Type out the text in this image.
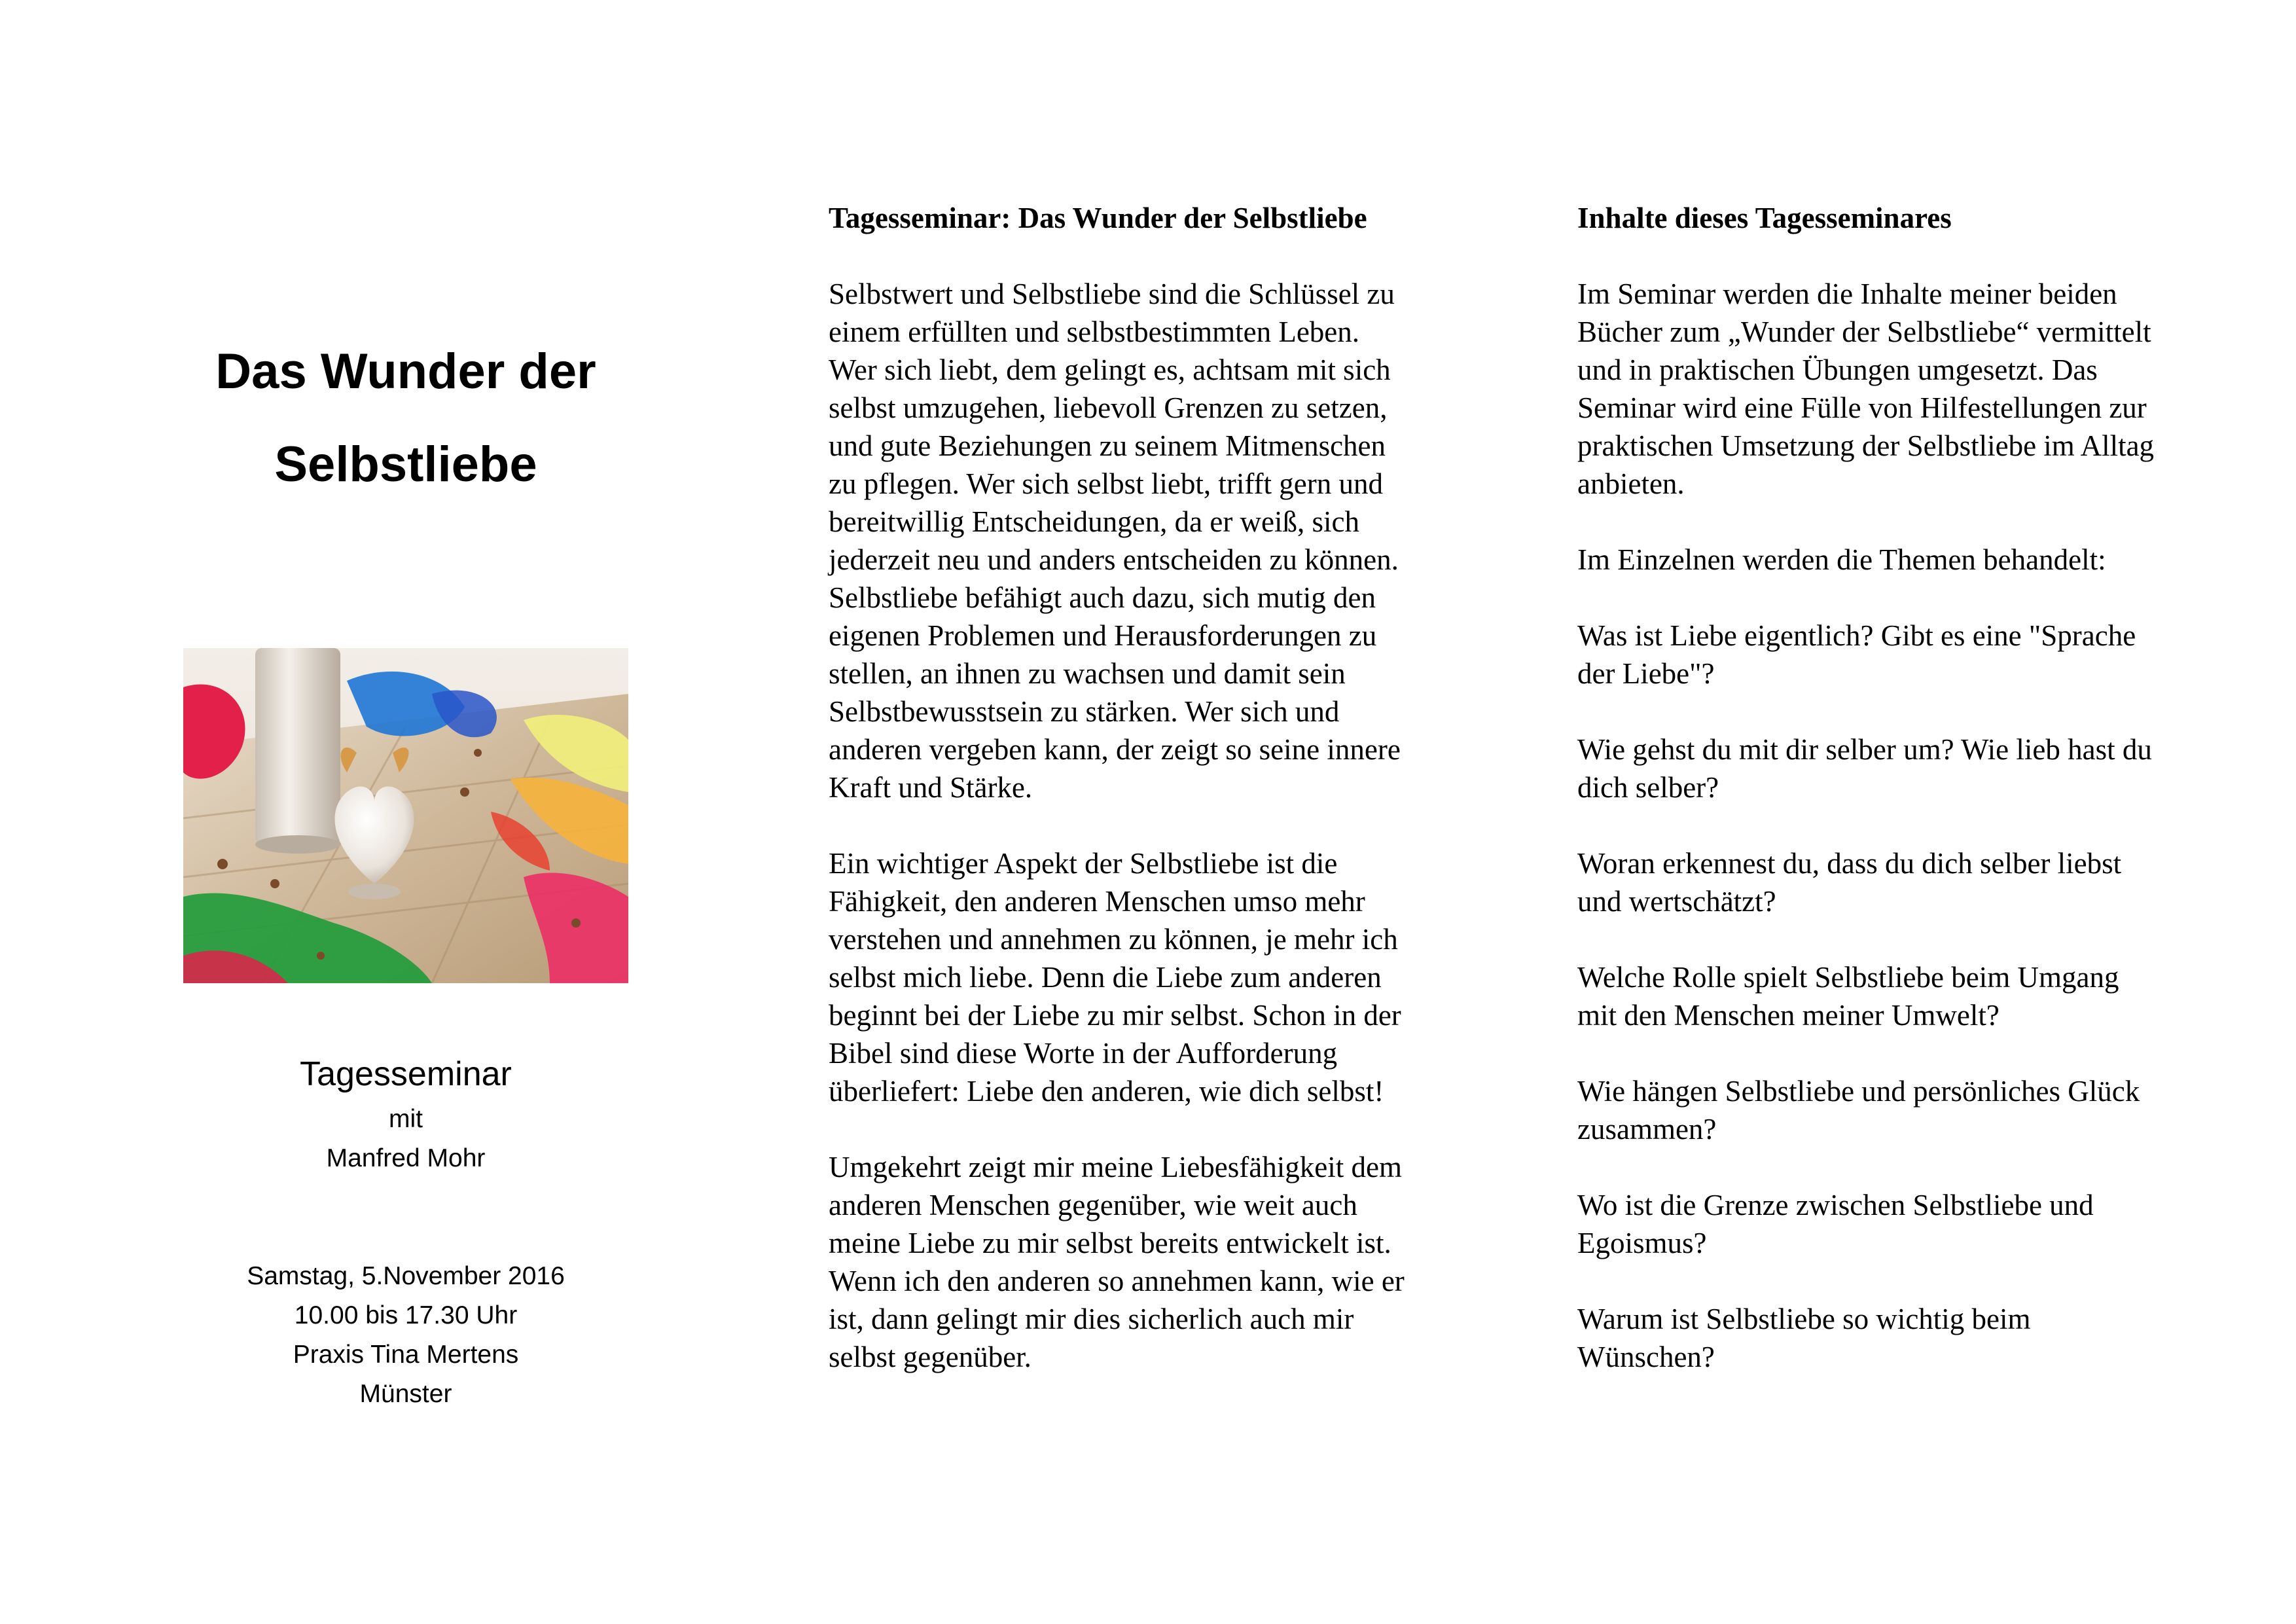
Das Wunder der
Selbstliebe
Tagesseminar
mit
Manfred Mohr
Samstag, 5.November 2016
10.00 bis 17.30 Uhr
Praxis Tina Mertens
Münster
Tagesseminar: Das Wunder der Selbstliebe
Selbstwert und Selbstliebe sind die Schlüssel zu
einem erfüllten und selbstbestimmten Leben.
Wer sich liebt, dem gelingt es, achtsam mit sich
selbst umzugehen, liebevoll Grenzen zu setzen,
und gute Beziehungen zu seinem Mitmenschen
zu pflegen. Wer sich selbst liebt, trifft gern und
bereitwillig Entscheidungen, da er weiß, sich
jederzeit neu und anders entscheiden zu können.
Selbstliebe befähigt auch dazu, sich mutig den
eigenen Problemen und Herausforderungen zu
stellen, an ihnen zu wachsen und damit sein
Selbstbewusstsein zu stärken. Wer sich und
anderen vergeben kann, der zeigt so seine innere
Kraft und Stärke.
Ein wichtiger Aspekt der Selbstliebe ist die
Fähigkeit, den anderen Menschen umso mehr
verstehen und annehmen zu können, je mehr ich
selbst mich liebe. Denn die Liebe zum anderen
beginnt bei der Liebe zu mir selbst. Schon in der
Bibel sind diese Worte in der Aufforderung
überliefert: Liebe den anderen, wie dich selbst!
Umgekehrt zeigt mir meine Liebesfähigkeit dem
anderen Menschen gegenüber, wie weit auch
meine Liebe zu mir selbst bereits entwickelt ist.
Wenn ich den anderen so annehmen kann, wie er
ist, dann gelingt mir dies sicherlich auch mir
selbst gegenüber.
Inhalte dieses Tagesseminares
Im Seminar werden die Inhalte meiner beiden
Bücher zum „Wunder der Selbstliebe“ vermittelt
und in praktischen Übungen umgesetzt. Das
Seminar wird eine Fülle von Hilfestellungen zur
praktischen Umsetzung der Selbstliebe im Alltag
anbieten.
Im Einzelnen werden die Themen behandelt:
Was ist Liebe eigentlich? Gibt es eine "Sprache
der Liebe"?
Wie gehst du mit dir selber um? Wie lieb hast du
dich selber?
Woran erkennest du, dass du dich selber liebst
und wertschätzt?
Welche Rolle spielt Selbstliebe beim Umgang
mit den Menschen meiner Umwelt?
Wie hängen Selbstliebe und persönliches Glück
zusammen?
Wo ist die Grenze zwischen Selbstliebe und
Egoismus?
Warum ist Selbstliebe so wichtig beim
Wünschen?
